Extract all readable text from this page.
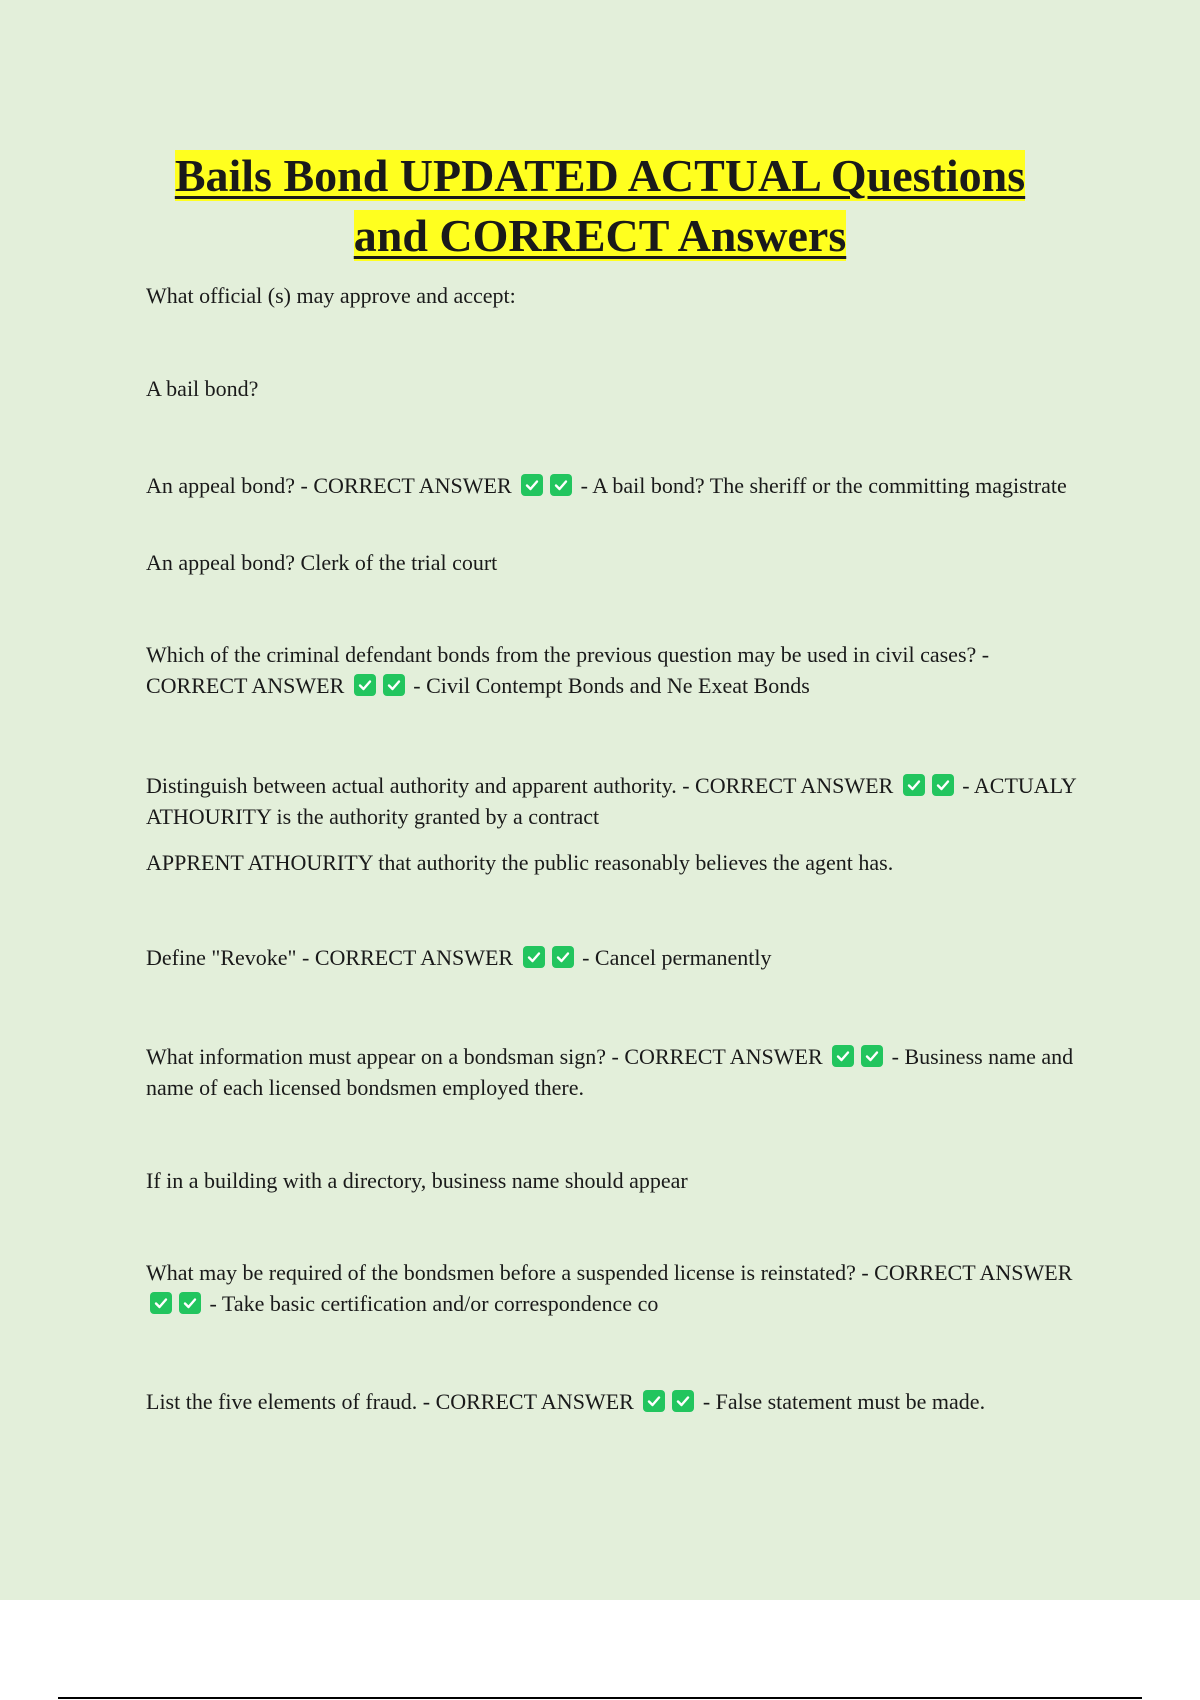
Bails Bond UPDATED ACTUAL Questions
and CORRECT Answers

What official (s) may approve and accept:

A bail bond?

An appeal bond? - CORRECT ANSWER	- A bail bond? The sheriff or the committing magistrate

An appeal bond? Clerk of the trial court

Which of the criminal defendant bonds from the previous question may be used in civil cases? - CORRECT ANSWER	- Civil Contempt Bonds and Ne Exeat Bonds

Distinguish between actual authority and apparent authority. - CORRECT ANSWER	- ACTUALY ATHOURITY is the authority granted by a contract

APPRENT ATHOURITY that authority the public reasonably believes the agent has.

Define "Revoke" - CORRECT ANSWER	- Cancel permanently

What information must appear on a bondsman sign? - CORRECT ANSWER	- Business name and name of each licensed bondsmen employed there.

If in a building with a directory, business name should appear

What may be required of the bondsmen before a suspended license is reinstated? - CORRECT ANSWER
- Take basic certification and/or correspondence co

List the five elements of fraud. - CORRECT ANSWER	- False statement must be made.
